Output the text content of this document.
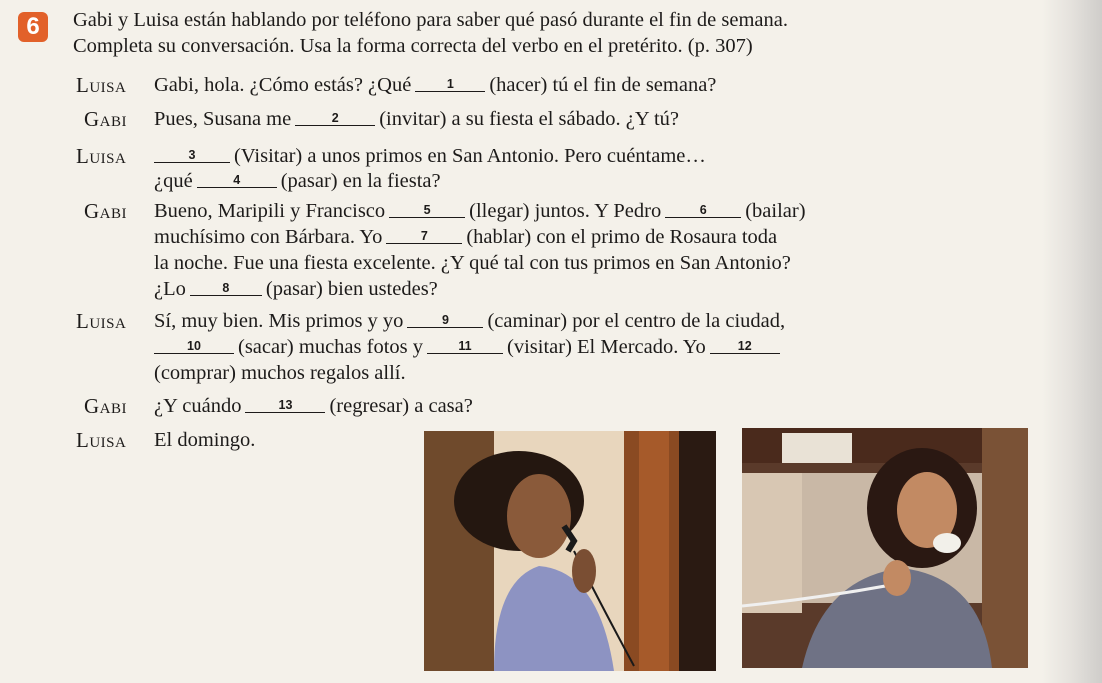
6	Gabi y Luisa están hablando por teléfono para saber qué pasó durante el fin de semana.
Completa su conversación. Usa la forma correcta del verbo en el pretérito. (p. 307)
Luisa Gabi, hola. ¿Cómo estás? ¿Qué	1 (hacer) tú el fin de semana?
Gabi Pues, Susana me	2 (invitar) a su fiesta el sábado. ¿Y tú?
Luisa	3 (Visitar) a unos primos en San Antonio. Pero cuéntame…
¿qué	4 (pasar) en la fiesta?
Gabi Bueno, Maripili y Francisco	5 (llegar) juntos. Y Pedro	6 (bailar)
muchísimo con Bárbara. Yo	7 (hablar) con el primo de Rosaura toda
la noche. Fue una fiesta excelente. ¿Y qué tal con tus primos en San Antonio?
¿Lo	8 (pasar) bien ustedes?
Luisa Sí, muy bien. Mis primos y yo	9 (caminar) por el centro de la ciudad,
10 (sacar) muchas fotos y	11 (visitar) El Mercado. Yo	12
(comprar) muchos regalos allí.
Gabi ¿Y cuándo	13 (regresar) a casa?
Luisa El domingo.
